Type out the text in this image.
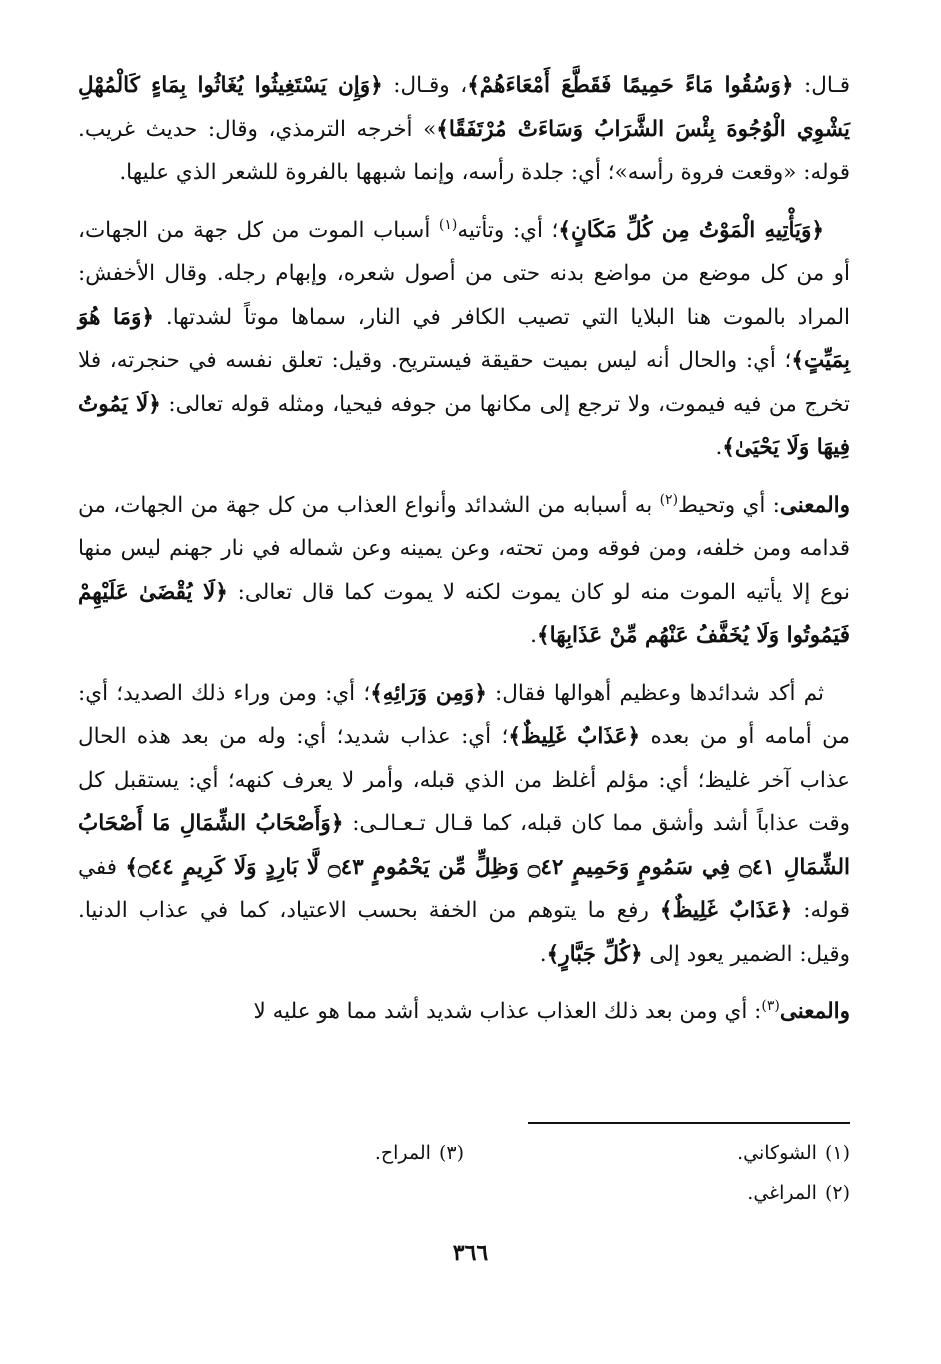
قـال: ﴿وَسُقُوا مَاءً حَمِيمًا فَقَطَّعَ أَمْعَاءَهُمْ﴾، وقـال: ﴿وَإِن يَسْتَغِيثُوا يُغَاثُوا بِمَاءٍ كَالْمُهْلِ يَشْوِي الْوُجُوهَ بِئْسَ الشَّرَابُ وَسَاءَتْ مُرْتَفَقًا﴾» أخرجه الترمذي، وقال: حديث غريب. قوله: «وقعت فروة رأسه»؛ أي: جلدة رأسه، وإنما شبهها بالفروة للشعر الذي عليها.

﴿وَيَأْتِيهِ الْمَوْتُ مِن كُلِّ مَكَانٍ﴾؛ أي: وتأتيه$^{(١)}$ أسباب الموت من كل جهة من الجهات، أو من كل موضع من مواضع بدنه حتى من أصول شعره، وإبهام رجله. وقال الأخفش: المراد بالموت هنا البلايا التي تصيب الكافر في النار، سماها موتاً لشدتها. ﴿وَمَا هُوَ بِمَيِّتٍ﴾؛ أي: والحال أنه ليس بميت حقيقة فيستريح. وقيل: تعلق نفسه في حنجرته، فلا تخرج من فيه فيموت، ولا ترجع إلى مكانها من جوفه فيحيا، ومثله قوله تعالى: ﴿لَا يَمُوتُ فِيهَا وَلَا يَحْيَىٰ﴾.

والمعنى: أي وتحيط$^{(٢)}$ به أسبابه من الشدائد وأنواع العذاب من كل جهة من الجهات، من قدامه ومن خلفه، ومن فوقه ومن تحته، وعن يمينه وعن شماله في نار جهنم ليس منها نوع إلا يأتيه الموت منه لو كان يموت لكنه لا يموت كما قال تعالى: ﴿لَا يُقْضَىٰ عَلَيْهِمْ فَيَمُوتُوا وَلَا يُخَفَّفُ عَنْهُم مِّنْ عَذَابِهَا﴾.

ثم أكد شدائدها وعظيم أهوالها فقال: ﴿وَمِن وَرَائِهِ﴾؛ أي: ومن وراء ذلك الصديد؛ أي: من أمامه أو من بعده ﴿عَذَابٌ غَلِيظٌ﴾؛ أي: عذاب شديد؛ أي: وله من بعد هذه الحال عذاب آخر غليظ؛ أي: مؤلم أغلظ من الذي قبله، وأمر لا يعرف كنهه؛ أي: يستقبل كل وقت عذاباً أشد وأشق مما كان قبله، كما قـال تـعـالـى: ﴿وَأَصْحَابُ الشِّمَالِ مَا أَصْحَابُ الشِّمَالِ ۝٤١ فِي سَمُومٍ وَحَمِيمٍ ۝٤٢ وَظِلٍّ مِّن يَحْمُومٍ ۝٤٣ لَّا بَارِدٍ وَلَا كَرِيمٍ ۝٤٤﴾ ففي قوله: ﴿عَذَابٌ غَلِيظٌ﴾ رفع ما يتوهم من الخفة بحسب الاعتياد، كما في عذاب الدنيا. وقيل: الضمير يعود إلى ﴿كُلِّ جَبَّارٍ﴾.

والمعنى$^{(٣)}$: أي ومن بعد ذلك العذاب عذاب شديد أشد مما هو عليه لا

(١)الشوكاني.
(٣)المراح.
(٢)المراغي.
٣٦٦
